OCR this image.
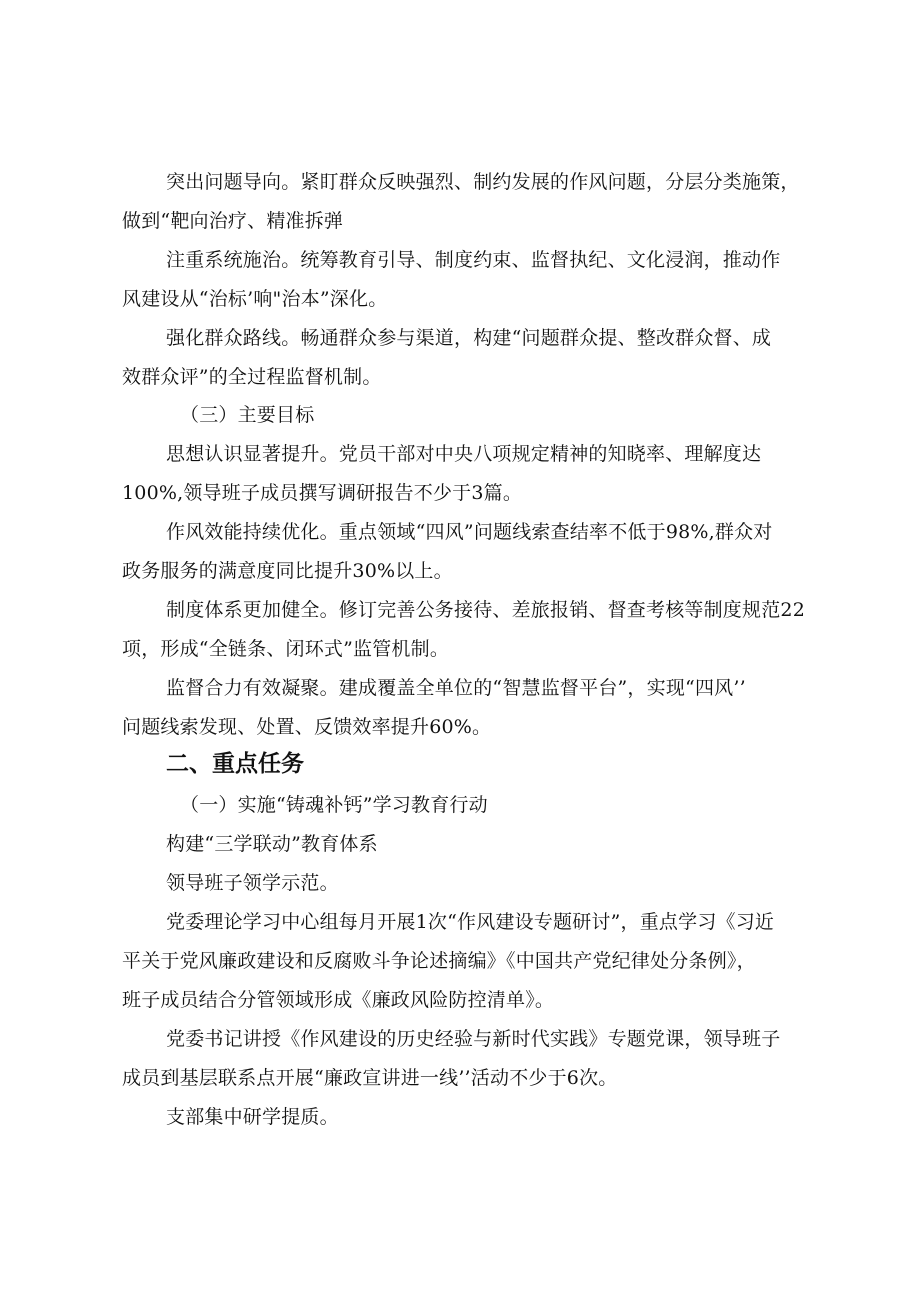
突出问题导向。紧盯群众反映强烈、制约发展的作风问题，分层分类施策，
做到“靶向治疗、精准拆弹
注重系统施治。统筹教育引导、制度约束、监督执纪、文化浸润，推动作
风建设从“治标’响"治本”深化。
强化群众路线。畅通群众参与渠道，构建“问题群众提、整改群众督、成
效群众评”的全过程监督机制。
（三）主要目标
思想认识显著提升。党员干部对中央八项规定精神的知晓率、理解度达
100%,领导班子成员撰写调研报告不少于3篇。
作风效能持续优化。重点领域“四风”问题线索查结率不低于98%,群众对
政务服务的满意度同比提升30%以上。
制度体系更加健全。修订完善公务接待、差旅报销、督查考核等制度规范22
项，形成“全链条、闭环式”监管机制。
监督合力有效凝聚。建成覆盖全单位的“智慧监督平台”，实现“四风’’
问题线索发现、处置、反馈效率提升60%。
二、重点任务
（一）实施“铸魂补钙”学习教育行动
构建“三学联动”教育体系
领导班子领学示范。
党委理论学习中心组每月开展1次“作风建设专题研讨”，重点学习《习近
平关于党风廉政建设和反腐败斗争论述摘编》《中国共产党纪律处分条例》，
班子成员结合分管领域形成《廉政风险防控清单》。
党委书记讲授《作风建设的历史经验与新时代实践》专题党课，领导班子
成员到基层联系点开展“廉政宣讲进一线’’活动不少于6次。
支部集中研学提质。
